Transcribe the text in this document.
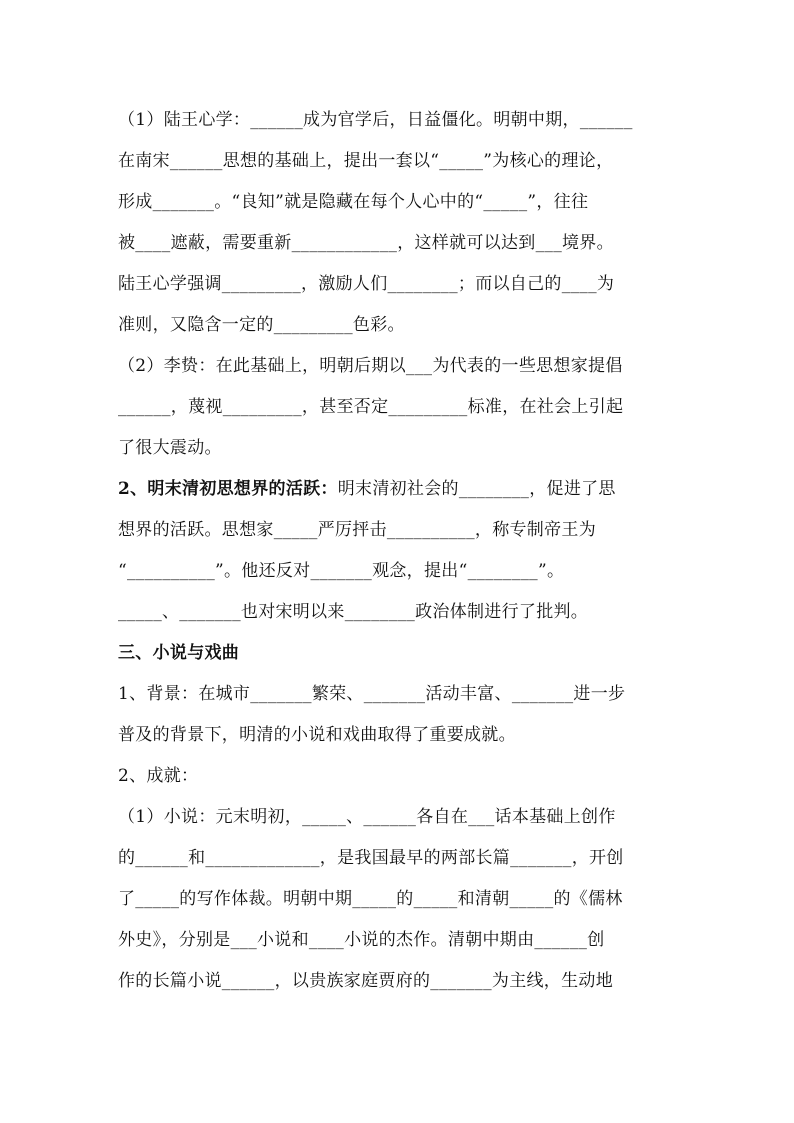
（1）陆王心学：______成为官学后，日益僵化。明朝中期，______
在南宋______思想的基础上，提出一套以“_____”为核心的理论，
形成_______。“良知”就是隐藏在每个人心中的“_____”，往往
被____遮蔽，需要重新____________，这样就可以达到___境界。
陆王心学强调_________，激励人们________；而以自己的____为
准则，又隐含一定的_________色彩。
（2）李贽：在此基础上，明朝后期以___为代表的一些思想家提倡
______，蔑视_________，甚至否定_________标准，在社会上引起
了很大震动。
2、明末清初思想界的活跃：明末清初社会的________，促进了思
想界的活跃。思想家_____严厉抨击__________，称专制帝王为
“__________”。他还反对_______观念，提出“________”。
_____、_______也对宋明以来________政治体制进行了批判。
三、小说与戏曲
1、背景：在城市_______繁荣、_______活动丰富、_______进一步
普及的背景下，明清的小说和戏曲取得了重要成就。
2、成就：
（1）小说：元末明初，_____、______各自在___话本基础上创作
的______和_____________，是我国最早的两部长篇_______，开创
了_____的写作体裁。明朝中期_____的_____和清朝_____的《儒林
外史》，分别是___小说和____小说的杰作。清朝中期由______创
作的长篇小说______，以贵族家庭贾府的_______为主线，生动地
